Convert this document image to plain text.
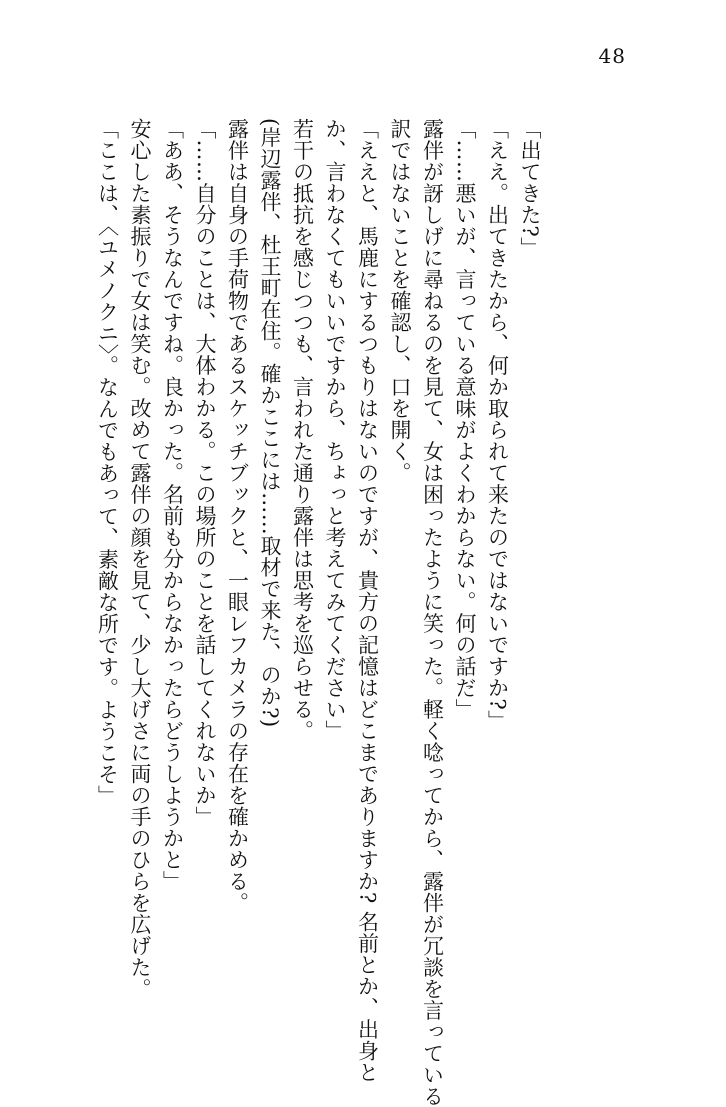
48
「出てきた?」
「ええ。出てきたから、何か取られて来たのではないですか?」
「……悪いが、言っている意味がよくわからない。何の話だ」
露伴が訝しげに尋ねるのを見て、女は困ったように笑った。軽く唸ってから、露伴が冗談を言っている
訳ではないことを確認し、口を開く。
「ええと、馬鹿にするつもりはないのですが、貴方の記憶はどこまでありますか? 名前とか、出身と
か、言わなくてもいいですから、ちょっと考えてみてください」
若干の抵抗を感じつつも、言われた通り露伴は思考を巡らせる。
(岸辺露伴、杜王町在住。確かここには……取材で来た、のか?)
露伴は自身の手荷物であるスケッチブックと、一眼レフカメラの存在を確かめる。
「……自分のことは、大体わかる。この場所のことを話してくれないか」
「ああ、そうなんですね。良かった。名前も分からなかったらどうしようかと」
安心した素振りで女は笑む。改めて露伴の顔を見て、少し大げさに両の手のひらを広げた。
「ここは、〈ユメノクニ〉。なんでもあって、素敵な所です。ようこそ」
